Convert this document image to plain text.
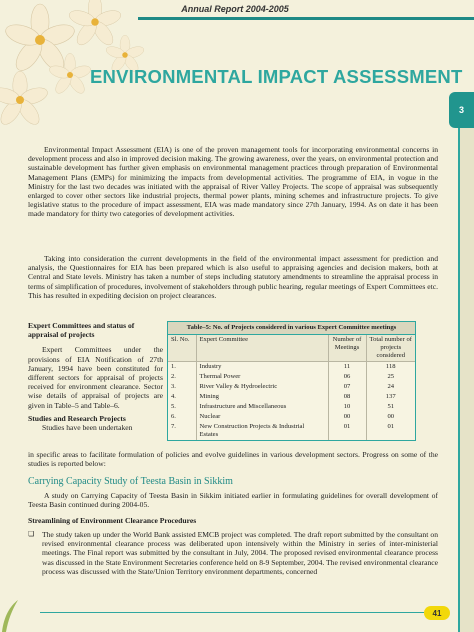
Annual Report 2004-2005
ENVIRONMENTAL IMPACT ASSESSMENT
3

Environmental Impact Assessment (EIA) is one of the proven management tools for incorporating environmental concerns in development process and also in improved decision making. The growing awareness, over the years, on environmental protection and sustainable development has further given emphasis on environmental management practices through preparation of Environmental Management Plans (EMPs) for minimizing the impacts from developmental activities. The programme of EIA, in vogue in the Ministry for the last two decades was initiated with the appraisal of River Valley Projects. The scope of appraisal was subsequently enlarged to cover other sectors like industrial projects, thermal power plants, mining schemes and infrastructure projects. To give legislative status to the procedure of impact assessment, EIA was made mandatory since 27th January, 1994. As on date it has been made mandatory for thirty two categories of development activities.

Taking into consideration the current developments in the field of the environmental impact assessment for prediction and analysis, the Questionnaires for EIA has been prepared which is also useful to appraising agencies and decision makers, both at Central and State levels. Ministry has taken a number of steps including statutory amendments to streamline the appraisal process in terms of simplification of procedures, involvement of stakeholders through public hearing, regular meetings of Expert Committees etc. This has resulted in expediting decision on project clearances.

Expert Committees and status of appraisal of projects

Expert Committees under the provisions of EIA Notification of 27th January, 1994 have been constituted for different sectors for appraisal of projects received for environment clearance. Sector wise details of appraisal of projects are given in Table–5 and Table–6.

Studies and Research Projects

Studies have been undertaken

Table–5: No. of Projects considered in various Expert Committee meetings
Sl. No.	Expert Committee	Number of Meetings	Total number of projects considered
1.	Industry	11	118
2.	Thermal Power	06	25
3.	River Valley & Hydroelectric	07	24
4.	Mining	08	137
5.	Infrastructure and Miscellaneous	10	51
6.	Nuclear	00	00
7.	New Construction Projects & Industrial Estates	01	01

in specific areas to facilitate formulation of policies and evolve guidelines in various development sectors. Progress on some of the studies is reported below:

Carrying Capacity Study of Teesta Basin in Sikkim

A study on Carrying Capacity of Teesta Basin in Sikkim initiated earlier in formulating guidelines for overall development of Teesta Basin continued during 2004-05.

Streamlining of Environment Clearance Procedures
❏	The study taken up under the World Bank assisted EMCB project was completed. The draft report submitted by the consultant on revised environmental clearance process was deliberated upon intensively within the Ministry in series of inter-ministerial meetings. The Final report was submitted by the consultant in July, 2004. The proposed revised environmental clearance process was discussed in the State Environment Secretaries conference held on 8-9 September, 2004. The revised environmental clearance process was discussed with the State/Union Territory environment departments, concerned

41
